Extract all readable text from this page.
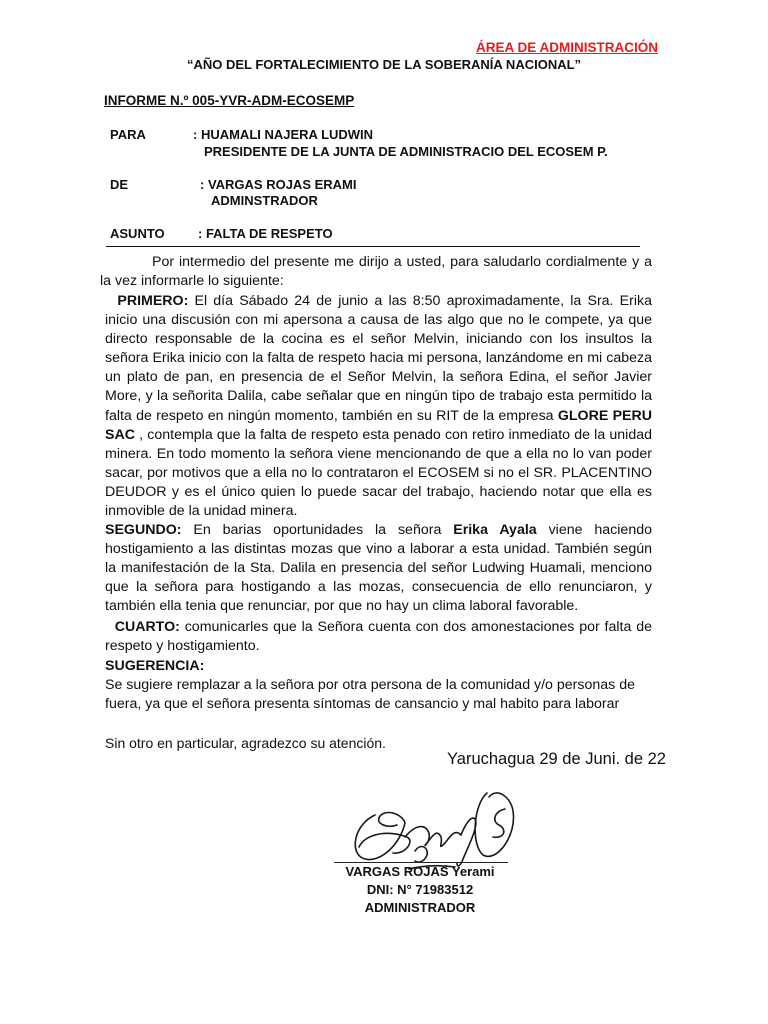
ÁREA DE ADMINISTRACIÓN
“AÑO DEL FORTALECIMIENTO DE LA SOBERANÍA NACIONAL”
INFORME N.º 005-YVR-ADM-ECOSEMP
PARA	: HUAMALI NAJERA LUDWIN
PRESIDENTE DE LA JUNTA DE ADMINISTRACIO DEL ECOSEM P.
DE	: VARGAS ROJAS ERAMI
ADMINSTRADOR
ASUNTO	: FALTA DE RESPETO
Por intermedio del presente me dirijo a usted, para saludarlo cordialmente y a la vez informarle lo siguiente:
PRIMERO: El día Sábado 24 de junio a las 8:50 aproximadamente, la Sra. Erika inicio una discusión con mi apersona a causa de las algo que no le compete, ya que directo responsable de la cocina es el señor Melvin, iniciando con los insultos la señora Erika inicio con la falta de respeto hacia mi persona, lanzándome en mi cabeza un plato de pan, en presencia de el Señor Melvin, la señora Edina, el señor Javier More, y la señorita Dalila, cabe señalar que en ningún tipo de trabajo esta permitido la falta de respeto en ningún momento, también en su RIT de la empresa GLORE PERU SAC , contempla que la falta de respeto esta penado con retiro inmediato de la unidad minera. En todo momento la señora viene mencionando de que a ella no lo van poder sacar, por motivos que a ella no lo contrataron el ECOSEM si no el SR. PLACENTINO DEUDOR y es el único quien lo puede sacar del trabajo, haciendo notar que ella es inmovible de la unidad minera.
SEGUNDO: En barias oportunidades la señora Erika Ayala viene haciendo hostigamiento a las distintas mozas que vino a laborar a esta unidad. También según la manifestación de la Sta. Dalila en presencia del señor Ludwing Huamali, menciono que la señora para hostigando a las mozas, consecuencia de ello renunciaron, y también ella tenia que renunciar, por que no hay un clima laboral favorable.
CUARTO: comunicarles que la Señora cuenta con dos amonestaciones por falta de respeto y hostigamiento.
SUGERENCIA:
Se sugiere remplazar a la señora por otra persona de la comunidad y/o personas de fuera, ya que el señora presenta síntomas de cansancio y mal habito para laborar
Sin otro en particular, agradezco su atención.
Yaruchagua 29 de Juni. de 22
VARGAS ROJAS Yerami
DNI: N° 71983512
ADMINISTRADOR
